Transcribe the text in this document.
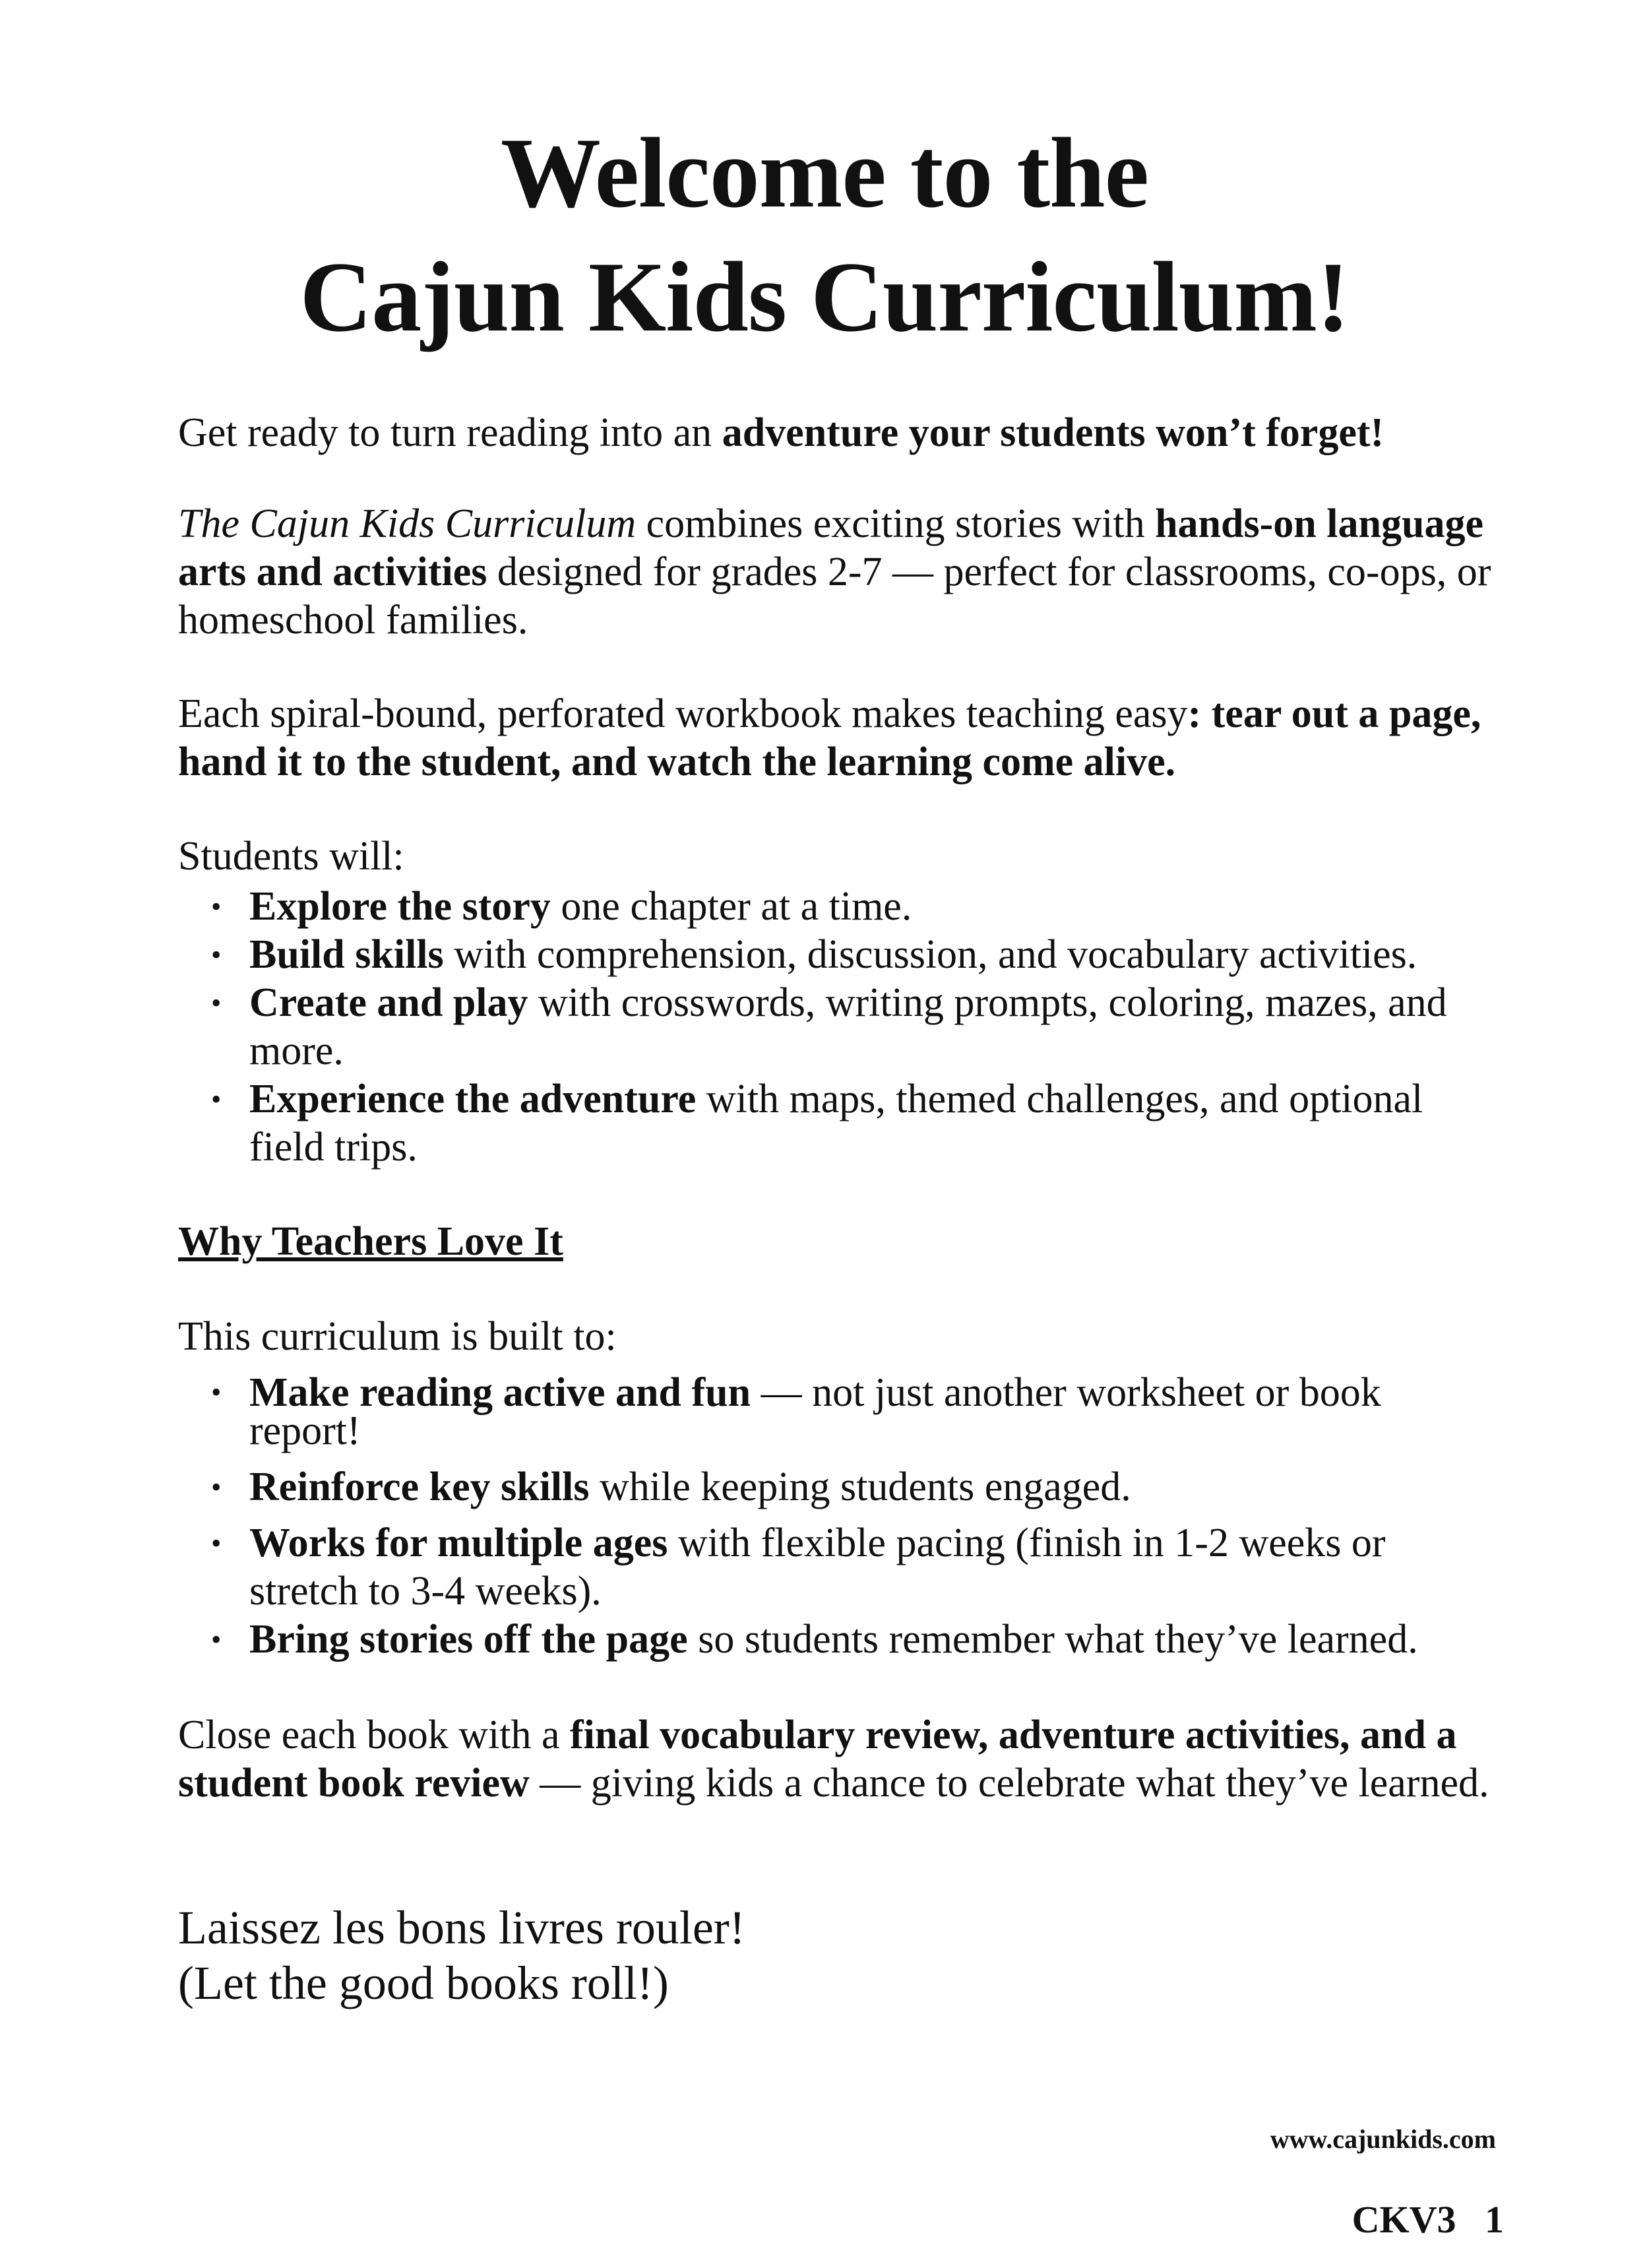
Welcome to the
Cajun Kids Curriculum!

Get ready to turn reading into an adventure your students won’t forget!

The Cajun Kids Curriculum combines exciting stories with hands-on language arts and activities designed for grades 2-7 — perfect for classrooms, co-ops, or homeschool families.

Each spiral-bound, perforated workbook makes teaching easy: tear out a page, hand it to the student, and watch the learning come alive.

Students will:

• Explore the story one chapter at a time.
• Build skills with comprehension, discussion, and vocabulary activities.
• Create and play with crosswords, writing prompts, coloring, mazes, and more.
• Experience the adventure with maps, themed challenges, and optional field trips.
Why Teachers Love It

This curriculum is built to:

• Make reading active and fun — not just another worksheet or book report!
• Reinforce key skills while keeping students engaged.
• Works for multiple ages with flexible pacing (finish in 1-2 weeks or stretch to 3-4 weeks).
• Bring stories off the page so students remember what they’ve learned.

Close each book with a final vocabulary review, adventure activities, and a student book review — giving kids a chance to celebrate what they’ve learned.

Laissez les bons livres rouler!
(Let the good books roll!)
www.cajunkids.com
CKV3 1
